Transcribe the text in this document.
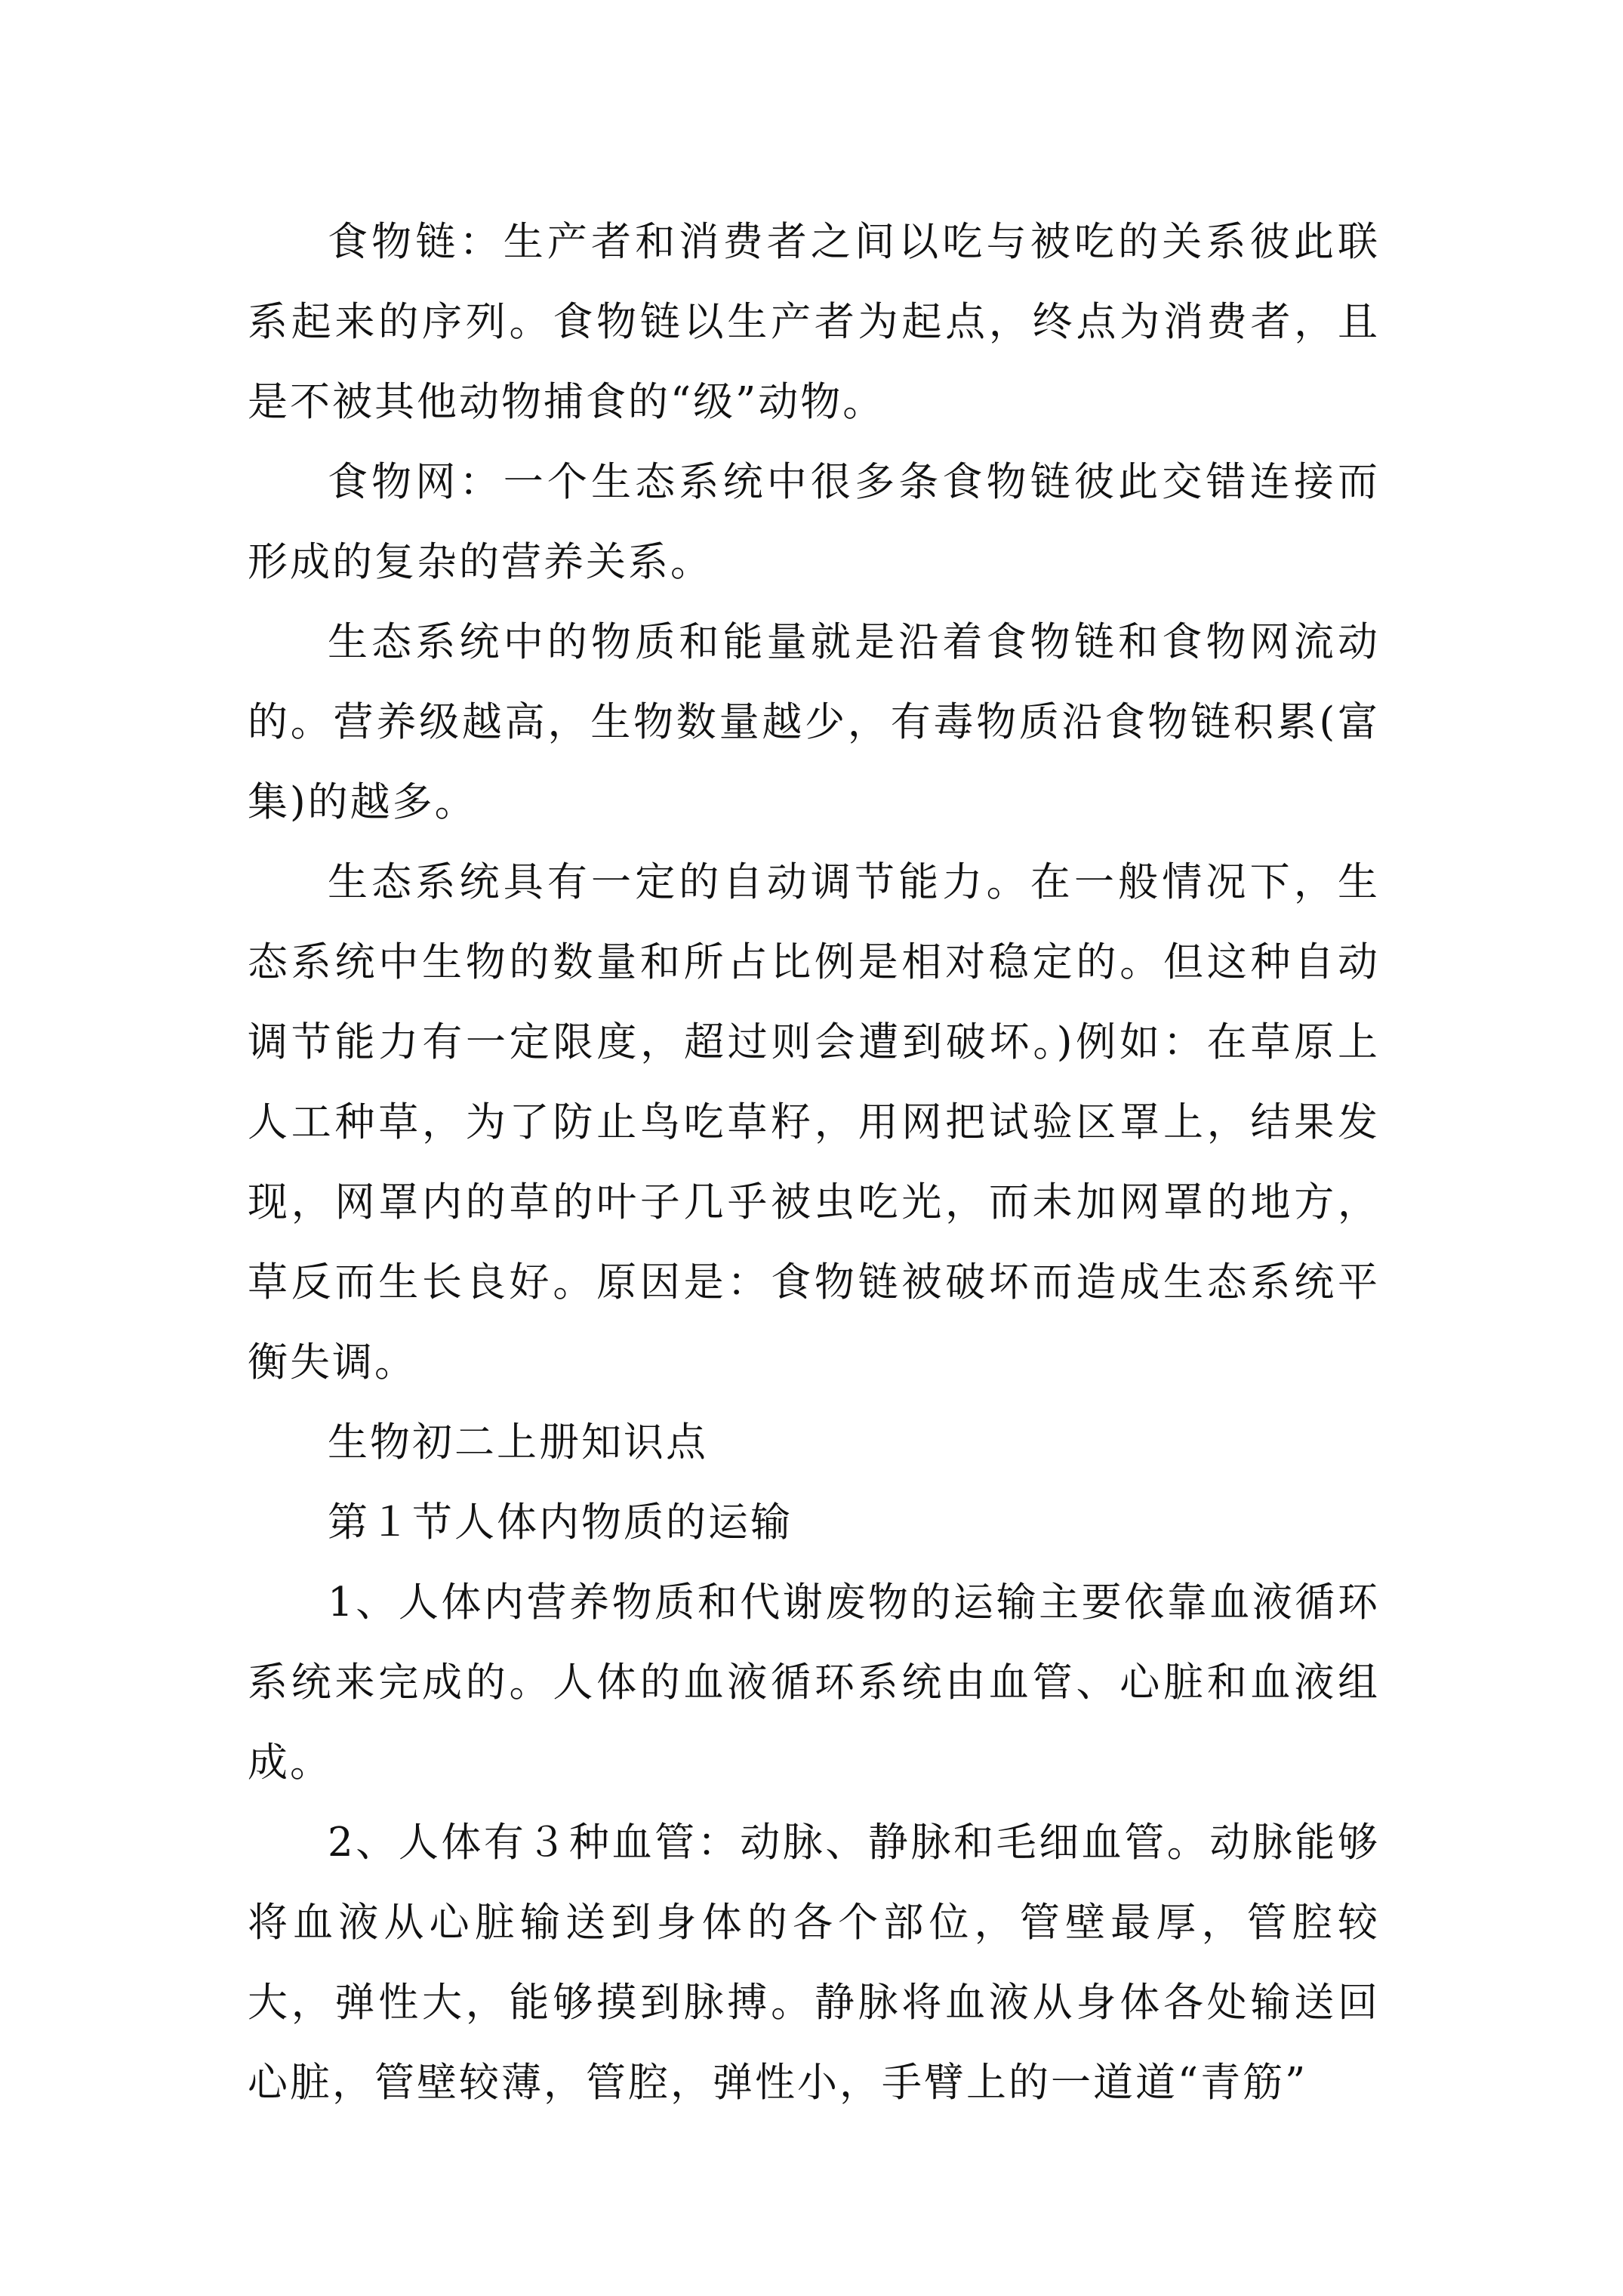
食物链：生产者和消费者之间以吃与被吃的关系彼此联系起来的序列。食物链以生产者为起点，终点为消费者，且是不被其他动物捕食的“级”动物。

食物网：一个生态系统中很多条食物链彼此交错连接而形成的复杂的营养关系。

生态系统中的物质和能量就是沿着食物链和食物网流动的。营养级越高，生物数量越少，有毒物质沿食物链积累(富集)的越多。

生态系统具有一定的自动调节能力。在一般情况下，生态系统中生物的数量和所占比例是相对稳定的。但这种自动调节能力有一定限度，超过则会遭到破坏。)例如：在草原上人工种草，为了防止鸟吃草籽，用网把试验区罩上，结果发现，网罩内的草的叶子几乎被虫吃光，而未加网罩的地方，草反而生长良好。原因是：食物链被破坏而造成生态系统平衡失调。

生物初二上册知识点

第１节人体内物质的运输

1、人体内营养物质和代谢废物的运输主要依靠血液循环系统来完成的。人体的血液循环系统由血管、心脏和血液组成。

2、人体有３种血管：动脉、静脉和毛细血管。动脉能够将血液从心脏输送到身体的各个部位，管壁最厚，管腔较大，弹性大，能够摸到脉搏。静脉将血液从身体各处输送回心脏，管壁较薄，管腔，弹性小，手臂上的一道道“青筋”
